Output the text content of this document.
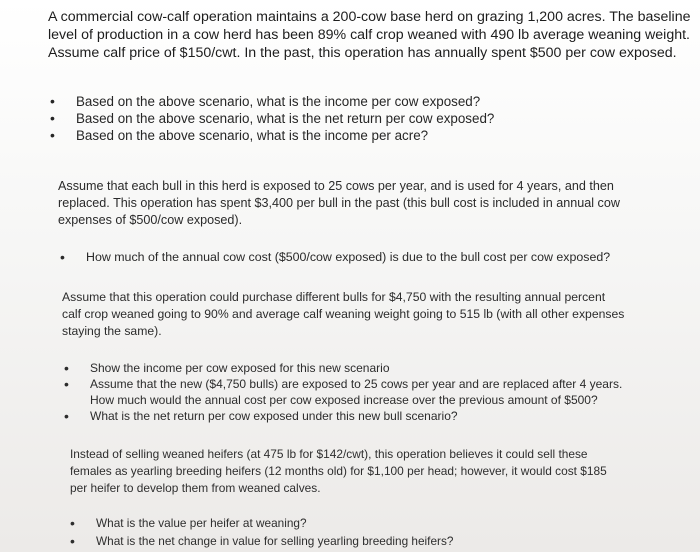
A commercial cow-calf operation maintains a 200-cow base herd on grazing 1,200 acres. The baseline
level of production in a cow herd has been 89% calf crop weaned with 490 lb average weaning weight.
Assume calf price of $150/cwt. In the past, this operation has annually spent $500 per cow exposed.
• Based on the above scenario, what is the income per cow exposed?
• Based on the above scenario, what is the net return per cow exposed?
• Based on the above scenario, what is the income per acre?
Assume that each bull in this herd is exposed to 25 cows per year, and is used for 4 years, and then
replaced. This operation has spent $3,400 per bull in the past (this bull cost is included in annual cow
expenses of $500/cow exposed).
• How much of the annual cow cost ($500/cow exposed) is due to the bull cost per cow exposed?
Assume that this operation could purchase different bulls for $4,750 with the resulting annual percent
calf crop weaned going to 90% and average calf weaning weight going to 515 lb (with all other expenses
staying the same).
• Show the income per cow exposed for this new scenario
• Assume that the new ($4,750 bulls) are exposed to 25 cows per year and are replaced after 4 years.
How much would the annual cost per cow exposed increase over the previous amount of $500?
• What is the net return per cow exposed under this new bull scenario?
Instead of selling weaned heifers (at 475 lb for $142/cwt), this operation believes it could sell these
females as yearling breeding heifers (12 months old) for $1,100 per head; however, it would cost $185
per heifer to develop them from weaned calves.
• What is the value per heifer at weaning?
• What is the net change in value for selling yearling breeding heifers?
